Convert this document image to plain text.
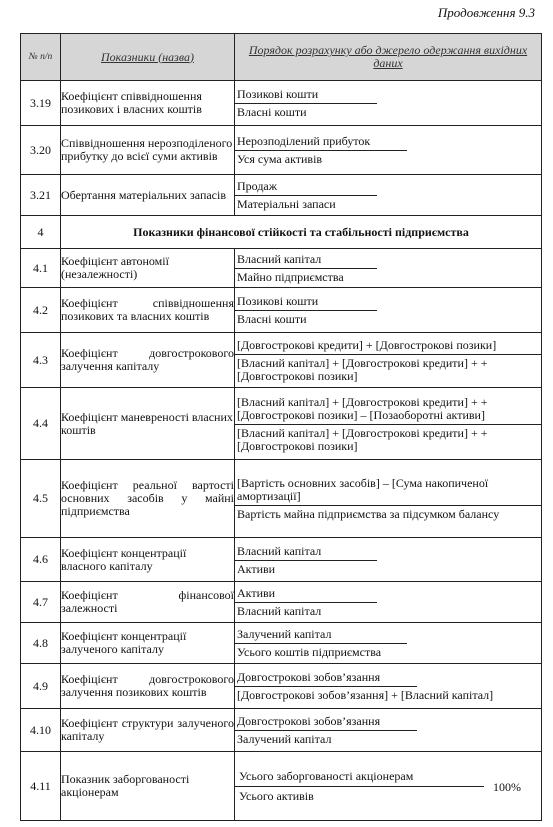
Продовження 9.3
№ п/п	Показники (назва)	Порядок розрахунку або джерело одержання вихідних даних
3.19	Коефіцієнт співвідношення позикових і власних коштів	Позикові кошти
Власні кошти

3.20	Співвідношення нерозподіленого прибутку до всієї суми активів	Нерозподілений прибуток
Уся сума активів

3.21	Обертання матеріальних запасів	Продаж
Матеріальні запаси

4	Показники фінансової стійкості та стабільності підприємства	
4.1	Коефіцієнт автономії (незалежності)	Власний капітал
Майно підприємства

4.2	Коефіцієнт співвідношення позикових та власних коштів	Позикові кошти
Власні кошти

4.3	Коефіцієнт довгострокового залучення капіталу	[Довгострокові кредити] + [Довгострокові позики]
[Власний капітал] + [Довгострокові кредити] + + [Довгострокові позики]

4.4	Коефіцієнт маневреності власних коштів	[Власний капітал] + [Довгострокові кредити] + + [Довгострокові позики] – [Позаоборотні активи]
[Власний капітал] + [Довгострокові кредити] + + [Довгострокові позики]

4.5	Коефіцієнт реальної вартості основних засобів у майні підприємства	[Вартість основних засобів] – [Сума накопиченої амортизації]
Вартість майна підприємства за підсумком балансу

4.6	Коефіцієнт концентрації власного капіталу	Власний капітал
Активи

4.7	Коефіцієнт фінансової залежності	Активи
Власний капітал

4.8	Коефіцієнт концентрації залученого капіталу	Залучений капітал
Усього коштів підприємства

4.9	Коефіцієнт довгострокового залучення позикових коштів	Довгострокові зобов’язання
[Довгострокові зобов’язання] + [Власний капітал]

4.10	Коефіцієнт структури залученого капіталу	Довгострокові зобов’язання
Залучений капітал

4.11	Показник заборгованості акціонерам	Усього заборгованості акціонерам
Усього активів
100%
